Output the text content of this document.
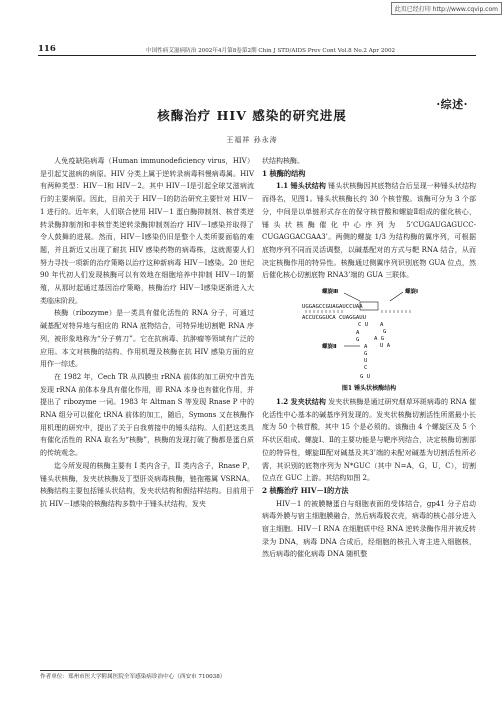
此页已经打印 http://www.cqvip.com
116	中国性病艾滋病防治 2002年4月第8卷第2期 Chin J STD/AIDS Prev Cont Vol.8 No.2 Apr 2002
·综述·
核酶治疗 HIV 感染的研究进展
王福祥 孙永涛

人免疫缺陷病毒（Human immunodeficiency virus，HIV）是引起艾滋病的病原。HIV 分类上属于逆转录病毒科慢病毒属。HIV 有两种类型：HIV－Ⅰ和 HIV－2。其中 HIV－Ⅰ是引起全球艾滋病流行的主要病原。因此，目前关于 HIV－Ⅰ的防治研究主要针对 HIV－1 进行的。近年来，人们联合使用 HIV－1 蛋白酶抑制剂、核苷类逆转录酶抑制剂和非核苷类逆转录酶抑制剂治疗 HIV－Ⅰ感染并取得了令人鼓舞的进展。然而，HIV－Ⅰ感染仍旧是整个人类所要面临的难题，并且新近又出现了耐抗 HIV 感染药物的病毒株，这就需要人们努力寻找一项新的治疗策略以治疗这种新病毒 HIV－Ⅰ感染。20 世纪 90 年代初人们发现核酶可以有效地在细胞培养中抑制 HIV－Ⅰ的繁殖，从那时起通过基因治疗策略，核酶治疗 HIV－Ⅰ感染逐渐进入大类临床阶段。

核酶（ribozyme）是一类具有催化活性的 RNA 分子，可通过碱基配对特异地与相应的 RNA 底物结合，可特异地切割靶 RNA 序列，被形象地称为“分子剪刀”。它在抗病毒、抗肿瘤等领域有广泛的应用。本文对核酶的结构、作用机理及核酶在抗 HIV 感染方面的应用作一综述。

在 1982 年，Cech TR 从四膜虫 rRNA 前体的加工研究中首先发现 rRNA 前体本身具有催化作用，即 RNA 本身也有催化作用，并提出了 ribozyme 一词。1983 年 Altman S 等发现 Rnase P 中的 RNA 组分可以催化 tRNA 前体的加工，随后，Symons 又在核酶作用机理的研究中，提出了关于自我剪接中的锤头结构。人们把这类具有催化活性的 RNA 取名为“核酶”，核酶的发现打破了酶都是蛋白质的传统观念。

迄今所发现的核酶主要有 I 类内含子，II 类内含子，Rnase P，锤头状核酶，发夹状核酶及丁型肝炎病毒核酶，链孢霉属 VSRNA。核酶结构主要包括锤头状结构，发夹状结构和假结样结构。目前用于抗 HIV－Ⅰ感染的核酶结构多数中于锤头状结构，发夹

状结构核酶。

1 核酶的结构

1.1 锤头状结构 锤头状核酶因其底物结合后呈现一种锤头状结构而得名，见图1。锤头状核酶长约 30 个核苷酸。该酶可分为 3 个部分，中间是以单链形式存在的保守核苷酸和螺旋Ⅱ组成的催化核心，锤头状核酶催化中心序列为 5’CUGAUGAGUCC-CUGAGGACGAA3’。两侧的螺旋 1/3 为结构酶的翼序列，可根据底物序列不同而灵活调整，以碱基配对的方式与靶 RNA 结合，从而决定核酶作用的特异性。核酶通过侧翼序列识别底物 GUA 位点，然后催化核心切割底物 RNA3’端的 GUA 三联体。

螺旋Ⅲ	螺旋Ⅰ
UGGAGCCGUAGAUCCUAA
ACCUCGGUCA CUAGGAUU
C U A
G
A G
A
G
U A
螺旋Ⅱ	A
G
U
C
G U
图1 锤头状核酶结构

1.2 发夹状结构 发夹状核酶是通过研究烟草环斑病毒的 RNA 催化活性中心基本的碱基序列发现的。发夹状核酶切割活性所需最小长度为 50 个核苷酸，其中 15 个是必须的。该酶由 4 个螺旋区及 5 个环状区组成。螺旋Ⅰ、Ⅱ的主要功能是与靶序列结合，决定核酶切割部位的特异性，螺旋Ⅲ配对碱基及其3’端的未配对碱基为切割活性所必需，其识别的底物序列为 N*GUC（其中 N=A，G，U，C），切割位点在 GUC 上游。其结构如图 2。

2 核酶治疗 HIV－Ⅰ的方法

HIV－1 的被膜糖蛋白与细胞表面的受体结合，gp41 分子启动病毒外膜与宿主细胞膜融合，然后病毒脱衣壳，病毒的核心部分进入宿主细胞。HIV－Ⅰ RNA 在细胞质中经 RNA 逆转录酶作用并被反转录为 DNA，病毒 DNA 合成后，经细胞的核孔入寄主进入细胞核，然后病毒的催化病毒 DNA 随机整

作者单位：郑州市医大学附属医院全军感染病诊治中心（西安市 710038）
